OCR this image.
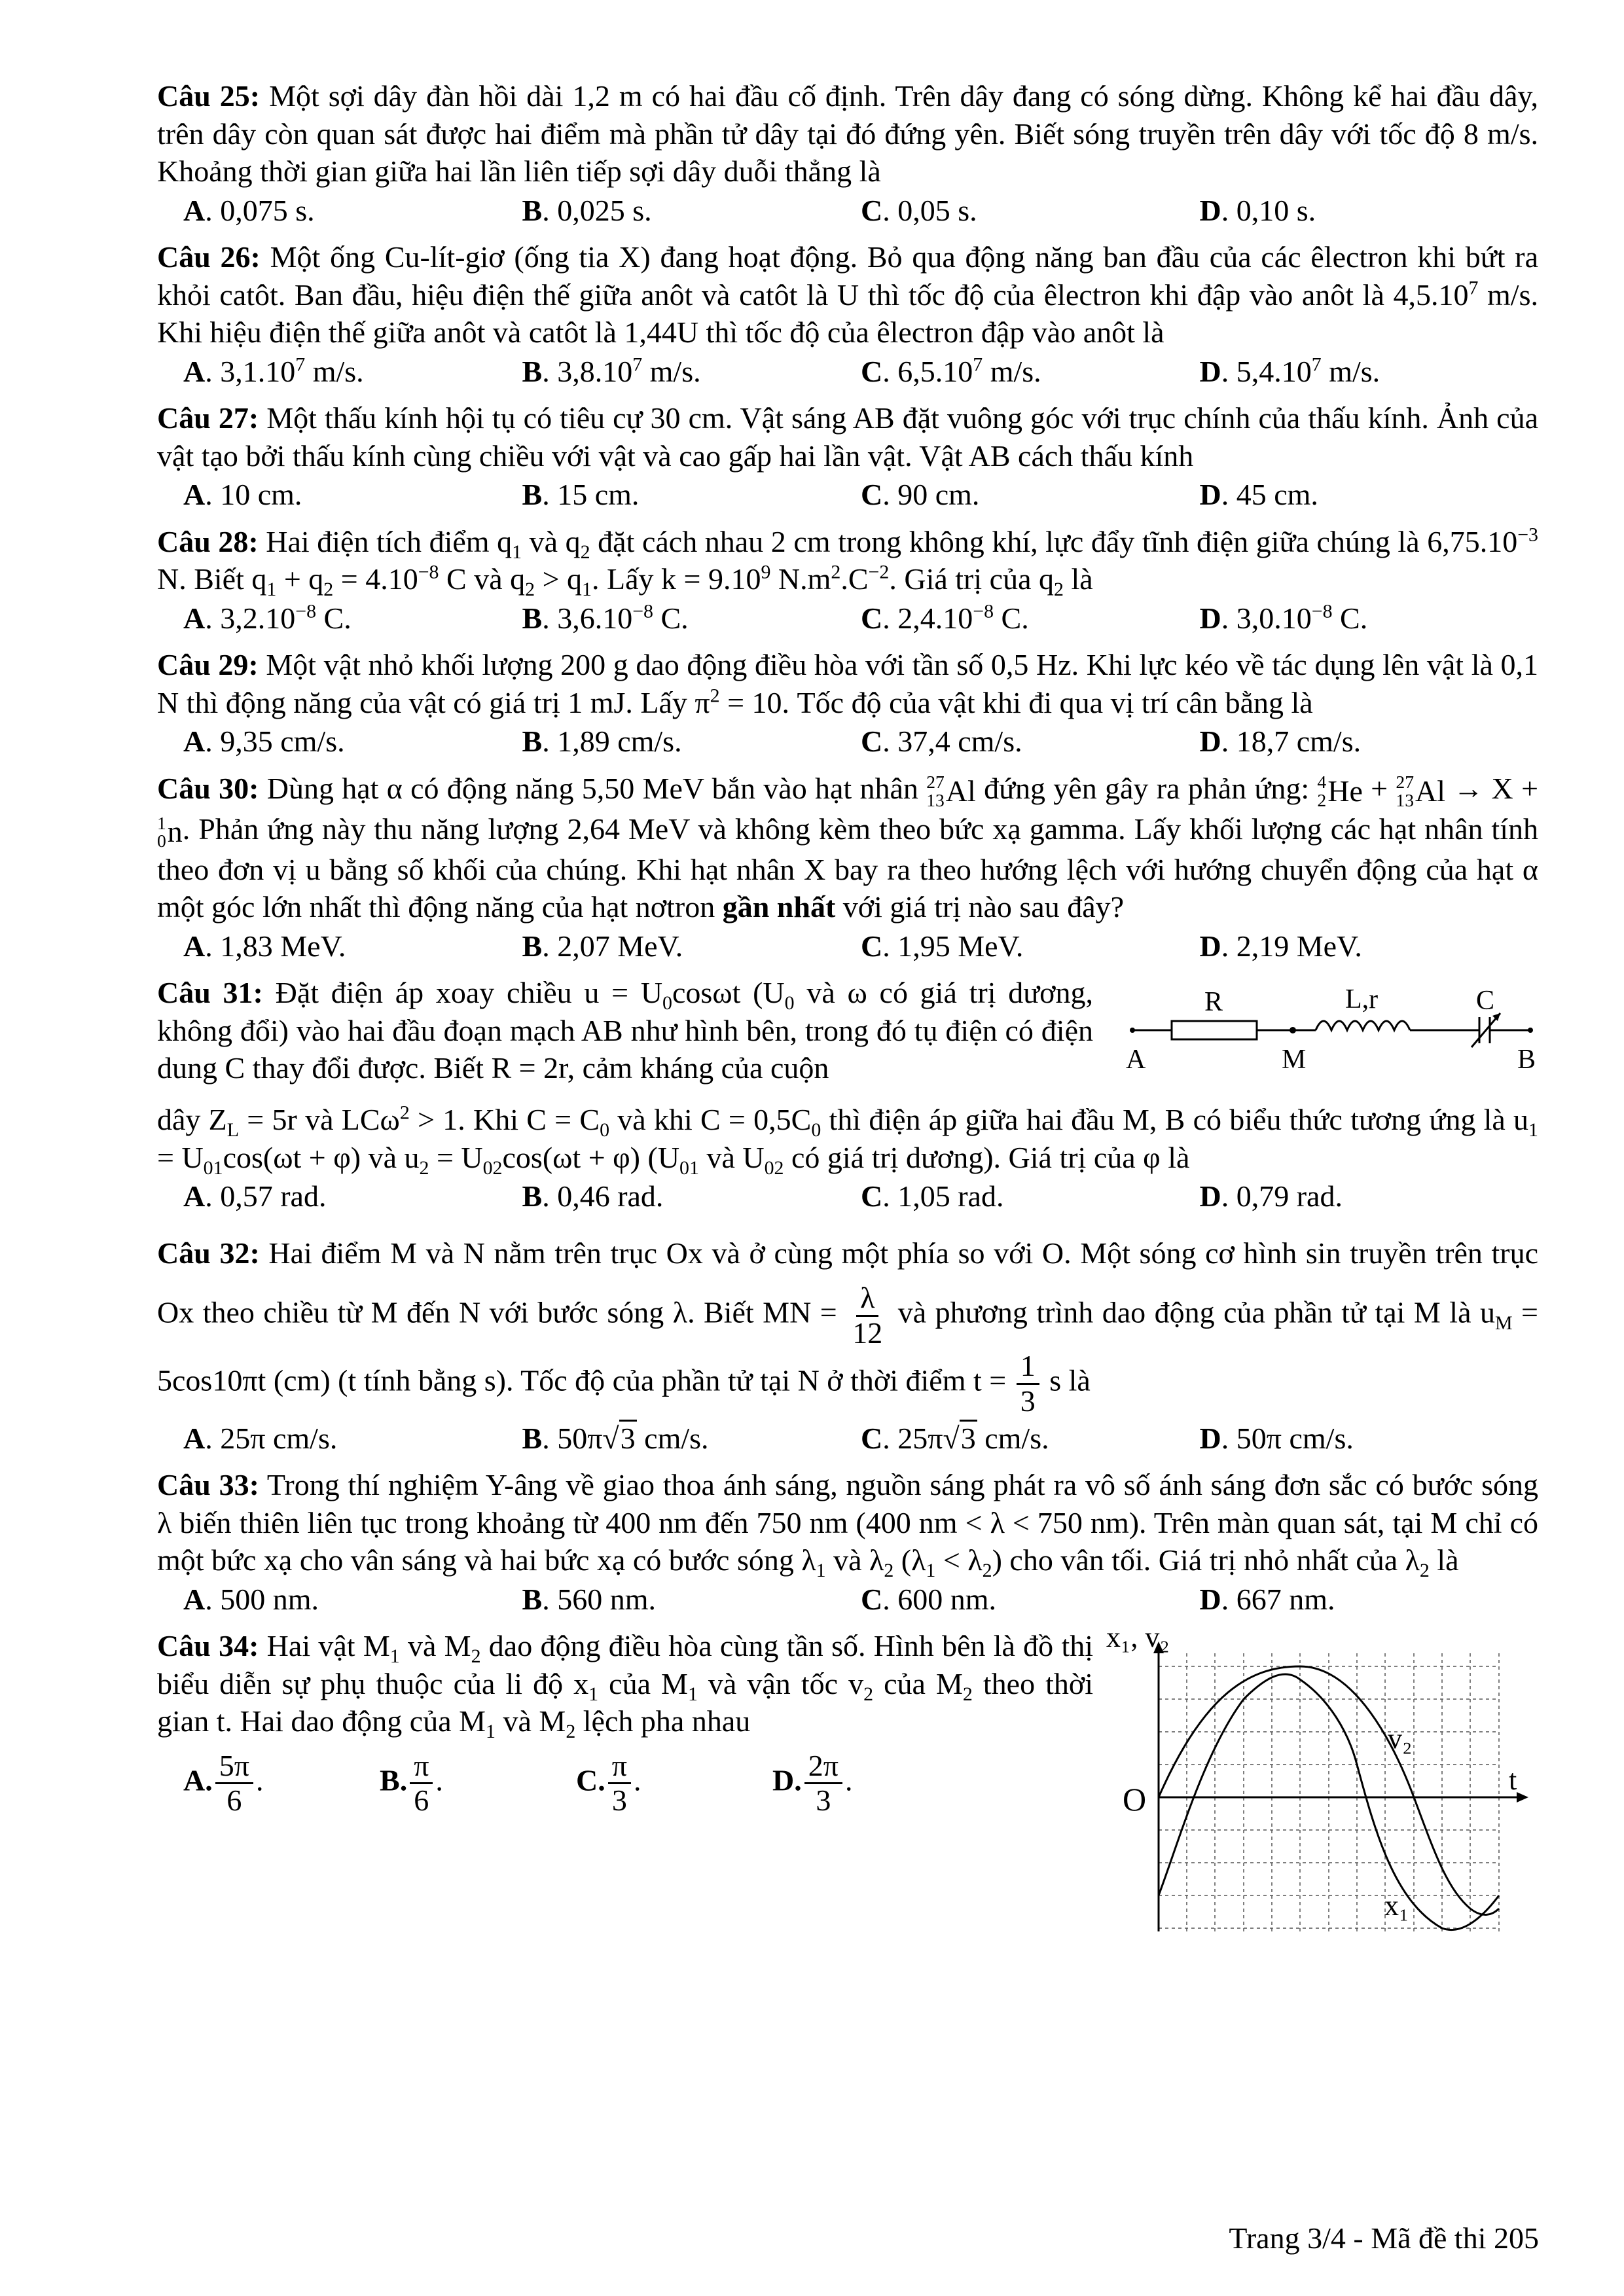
Câu 25: Một sợi dây đàn hồi dài 1,2 m có hai đầu cố định. Trên dây đang có sóng dừng. Không kể hai đầu dây, trên dây còn quan sát được hai điểm mà phần tử dây tại đó đứng yên. Biết sóng truyền trên dây với tốc độ 8 m/s. Khoảng thời gian giữa hai lần liên tiếp sợi dây duỗi thẳng là

A. 0,075 s.	B. 0,025 s.	C. 0,05 s.	D. 0,10 s.

Câu 26: Một ống Cu-lít-giơ (ống tia X) đang hoạt động. Bỏ qua động năng ban đầu của các êlectron khi bứt ra khỏi catôt. Ban đầu, hiệu điện thế giữa anôt và catôt là U thì tốc độ của êlectron khi đập vào anôt là 4,5.10$^7$ m/s. Khi hiệu điện thế giữa anôt và catôt là 1,44U thì tốc độ của êlectron đập vào anôt là

A. 3,1.10$^7$ m/s.	B. 3,8.10$^7$ m/s.	C. 6,5.10$^7$ m/s.	D. 5,4.10$^7$ m/s.

Câu 27: Một thấu kính hội tụ có tiêu cự 30 cm. Vật sáng AB đặt vuông góc với trục chính của thấu kính. Ảnh của vật tạo bởi thấu kính cùng chiều với vật và cao gấp hai lần vật. Vật AB cách thấu kính

A. 10 cm.	B. 15 cm.	C. 90 cm.	D. 45 cm.

Câu 28: Hai điện tích điểm $q_1$ và $q_2$ đặt cách nhau 2 cm trong không khí, lực đẩy tĩnh điện giữa chúng là $6,75.10^{-3}$ N. Biết $q_1 + q_2 = 4.10^{-8}$ C và $q_2 > q_1$. Lấy $k = 9.10^9$ $N.m^2.C^{-2}$. Giá trị của $q_2$ là

A. $3,2.10^{-8}$ C.	B. $3,6.10^{-8}$ C.	C. $2,4.10^{-8}$ C.	D. $3,0.10^{-8}$ C.

Câu 29: Một vật nhỏ khối lượng 200 g dao động điều hòa với tần số 0,5 Hz. Khi lực kéo về tác dụng lên vật là 0,1 N thì động năng của vật có giá trị 1 mJ. Lấy $\pi^2 = 10$. Tốc độ của vật khi đi qua vị trí cân bằng là

A. 9,35 cm/s.	B. 1,89 cm/s.	C. 37,4 cm/s.	D. 18,7 cm/s.

Câu 30: Dùng hạt α có động năng 5,50 MeV bắn vào hạt nhân 27
13 Al đứng yên gây ra phản ứng: 4
2 He + 27
13 Al → X +
1
0 n . Phản ứng này thu năng lượng 2,64 MeV và không kèm theo bức xạ gamma. Lấy khối lượng các hạt nhân tính theo đơn vị u bằng số khối của chúng. Khi hạt nhân X bay ra theo hướng lệch với hướng chuyển động của hạt α một góc lớn nhất thì động năng của hạt nơtron gần nhất với giá trị nào sau đây?

A. 1,83 MeV.	B. 2,07 MeV.	C. 1,95 MeV.	D. 2,19 MeV.

Câu 31: Đặt điện áp xoay chiều $u = U_0\cos\omega t$ ($U_0$ và ω có giá trị dương, không đổi) vào hai đầu đoạn mạch AB như hình bên, trong đó tụ điện có điện dung C thay đổi được. Biết R = 2r, cảm kháng của cuộn

R	L,r	C
A	M	B

dây $Z_L = 5r$ và LCω$^2$ > 1. Khi $C = C_0$ và khi $C = 0,5C_0$ thì điện áp giữa hai đầu M, B có biểu thức tương ứng là $u_1 = U_{01}\cos(\omega t + \varphi)$ và $u_2 = U_{02}\cos(\omega t + \varphi)$ ($U_{01}$ và $U_{02}$ có giá trị dương). Giá trị của φ là

A. 0,57 rad.	B. 0,46 rad.	C. 1,05 rad.	D. 0,79 rad.

Câu 32: Hai điểm M và N nằm trên trục Ox và ở cùng một phía so với O. Một sóng cơ hình sin truyền trên trục Ox theo chiều từ M đến N với bước sóng λ. Biết MN = $\frac{\lambda}{12}$ và phương trình dao động của phần tử tại M là $u_M = 5\cos 10\pi t$ (cm) (t tính bằng s). Tốc độ của phần tử tại N ở thời điểm $t = \frac{1}{3}$ s là

A. 25π cm/s.	B. 50π√3 cm/s.	C. 25π√3 cm/s.	D. 50π cm/s.

Câu 33: Trong thí nghiệm Y-âng về giao thoa ánh sáng, nguồn sáng phát ra vô số ánh sáng đơn sắc có bước sóng λ biến thiên liên tục trong khoảng từ 400 nm đến 750 nm (400 nm < λ < 750 nm). Trên màn quan sát, tại M chỉ có một bức xạ cho vân sáng và hai bức xạ có bước sóng $\lambda_1$ và $\lambda_2$ $(\lambda_1 < \lambda_2)$ cho vân tối. Giá trị nhỏ nhất của $\lambda_2$ là

A. 500 nm.	B. 560 nm.	C. 600 nm.	D. 667 nm.

Câu 34: Hai vật $M_1$ và $M_2$ dao động điều hòa cùng tần số. Hình bên là đồ thị biểu diễn sự phụ thuộc của li độ $x_1$ của $M_1$ và vận tốc $v_2$ của $M_2$ theo thời gian t. Hai dao động của $M_1$ và $M_2$ lệch pha nhau

A. $\frac{5\pi}{6}$ .	B. $\frac{\pi}{6}$ .	C. $\frac{\pi}{3}$ .	D. $\frac{2\pi}{3}$ .
x₁, v₂
O
t
v₂
x₁
Trang 3/4 - Mã đề thi 205
